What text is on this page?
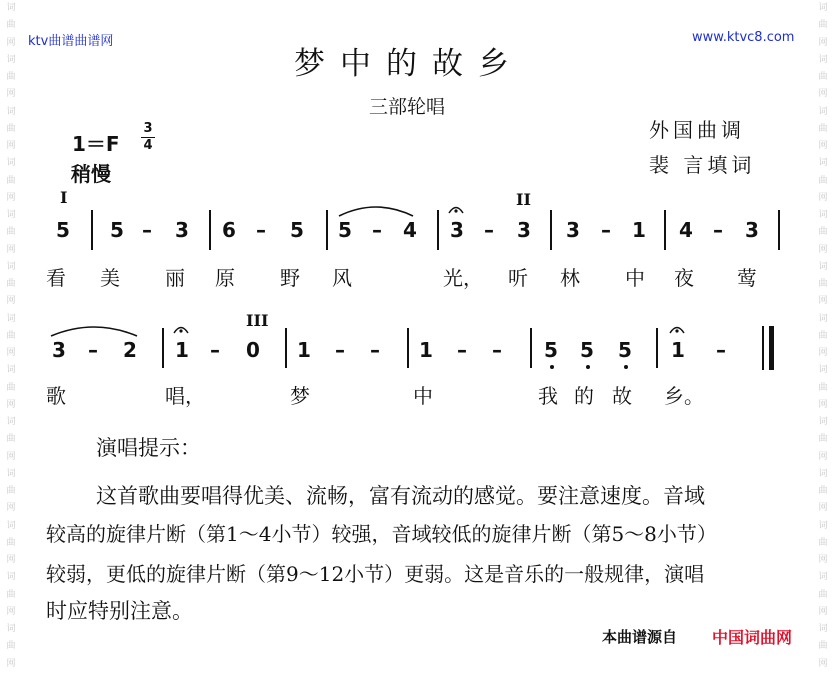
词
曲
网
词
曲
网
词
曲
网
词
曲
网
词
曲
网
词
曲
网
词
曲
网
词
曲
网
词
曲
网
词
曲
网
词
曲
网
词
曲
网
词
曲
网
词
曲
网
词
曲
网
词
曲
网
词
曲
网
词
曲
网
词
曲
网
词
曲
网
词
曲
网
词
曲
网
词
曲
网
词
曲
网
词
曲
网
词
曲
网
ktv曲谱曲谱网	www.ktvc8.com
梦中的故乡
三部轮唱
外国曲调
裴 言填词
1＝F
3
4
稍慢
I	II
III
5 5 – 3 6 – 5 5 – 4 3 – 3 3 – 1 4 – 3
看 美 丽 原 野 风	光， 听 林 中 夜 莺
3 – 2 1 – 0 1 – – 1 – – 5 5 5 1 –
歌	唱，	梦	中	我 的 故 乡。
演唱提示：
这首歌曲要唱得优美、流畅，富有流动的感觉。要注意速度。音域
较高的旋律片断（第1～4小节）较强，音域较低的旋律片断（第5～8小节）
较弱，更低的旋律片断（第9～12小节）更弱。这是音乐的一般规律，演唱
时应特别注意。
本曲谱源自 中国词曲网
